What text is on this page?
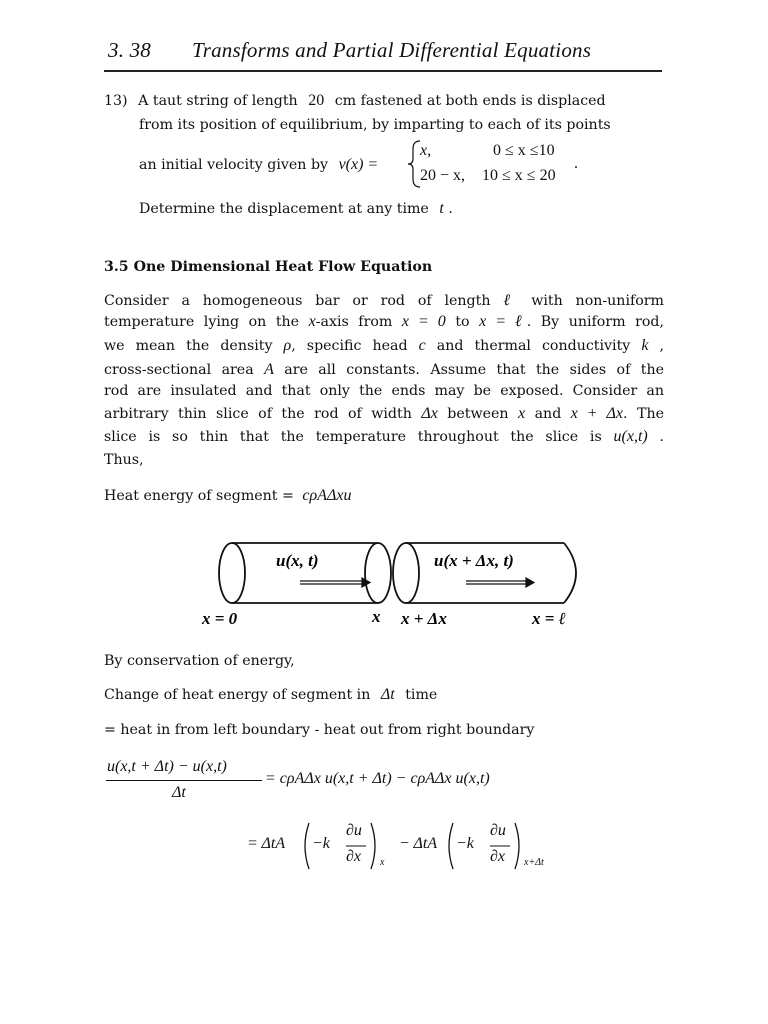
3. 38 Transforms and Partial Differential Equations
13) A taut string of length 20 cm fastened at both ends is displaced
from its position of equilibrium, by imparting to each of its points
an initial velocity given by v(x) =
x,	0 ≤ x ≤10
20 − x, 10 ≤ x ≤ 20
.
Determine the displacement at any time t .
3.5 One Dimensional Heat Flow Equation
Consider a homogeneous bar or rod of length ℓ with non-uniform
temperature lying on the x-axis from x = 0 to x = ℓ. By uniform rod,
we mean the density ρ, specific head c and thermal conductivity k ,
cross-sectional area A are all constants. Assume that the sides of the
rod are insulated and that only the ends may be exposed. Consider an
arbitrary thin slice of the rod of width Δx between x and x + Δx. The
slice is so thin that the temperature throughout the slice is u(x,t) .
Thus,
Heat energy of segment = cρAΔxu
u(x, t)	u(x + Δx, t)
x = 0	x x + Δx	x = ℓ
By conservation of energy,
Change of heat energy of segment in Δt time
= heat in from left boundary - heat out from right boundary
u(x,t + Δt) − u(x,t)
Δt
= cρAΔx u(x,t + Δt) − cρAΔx u(x,t)
= ΔtA −k
∂u
∂x x
− ΔtA −k
∂u
∂x x+Δt
